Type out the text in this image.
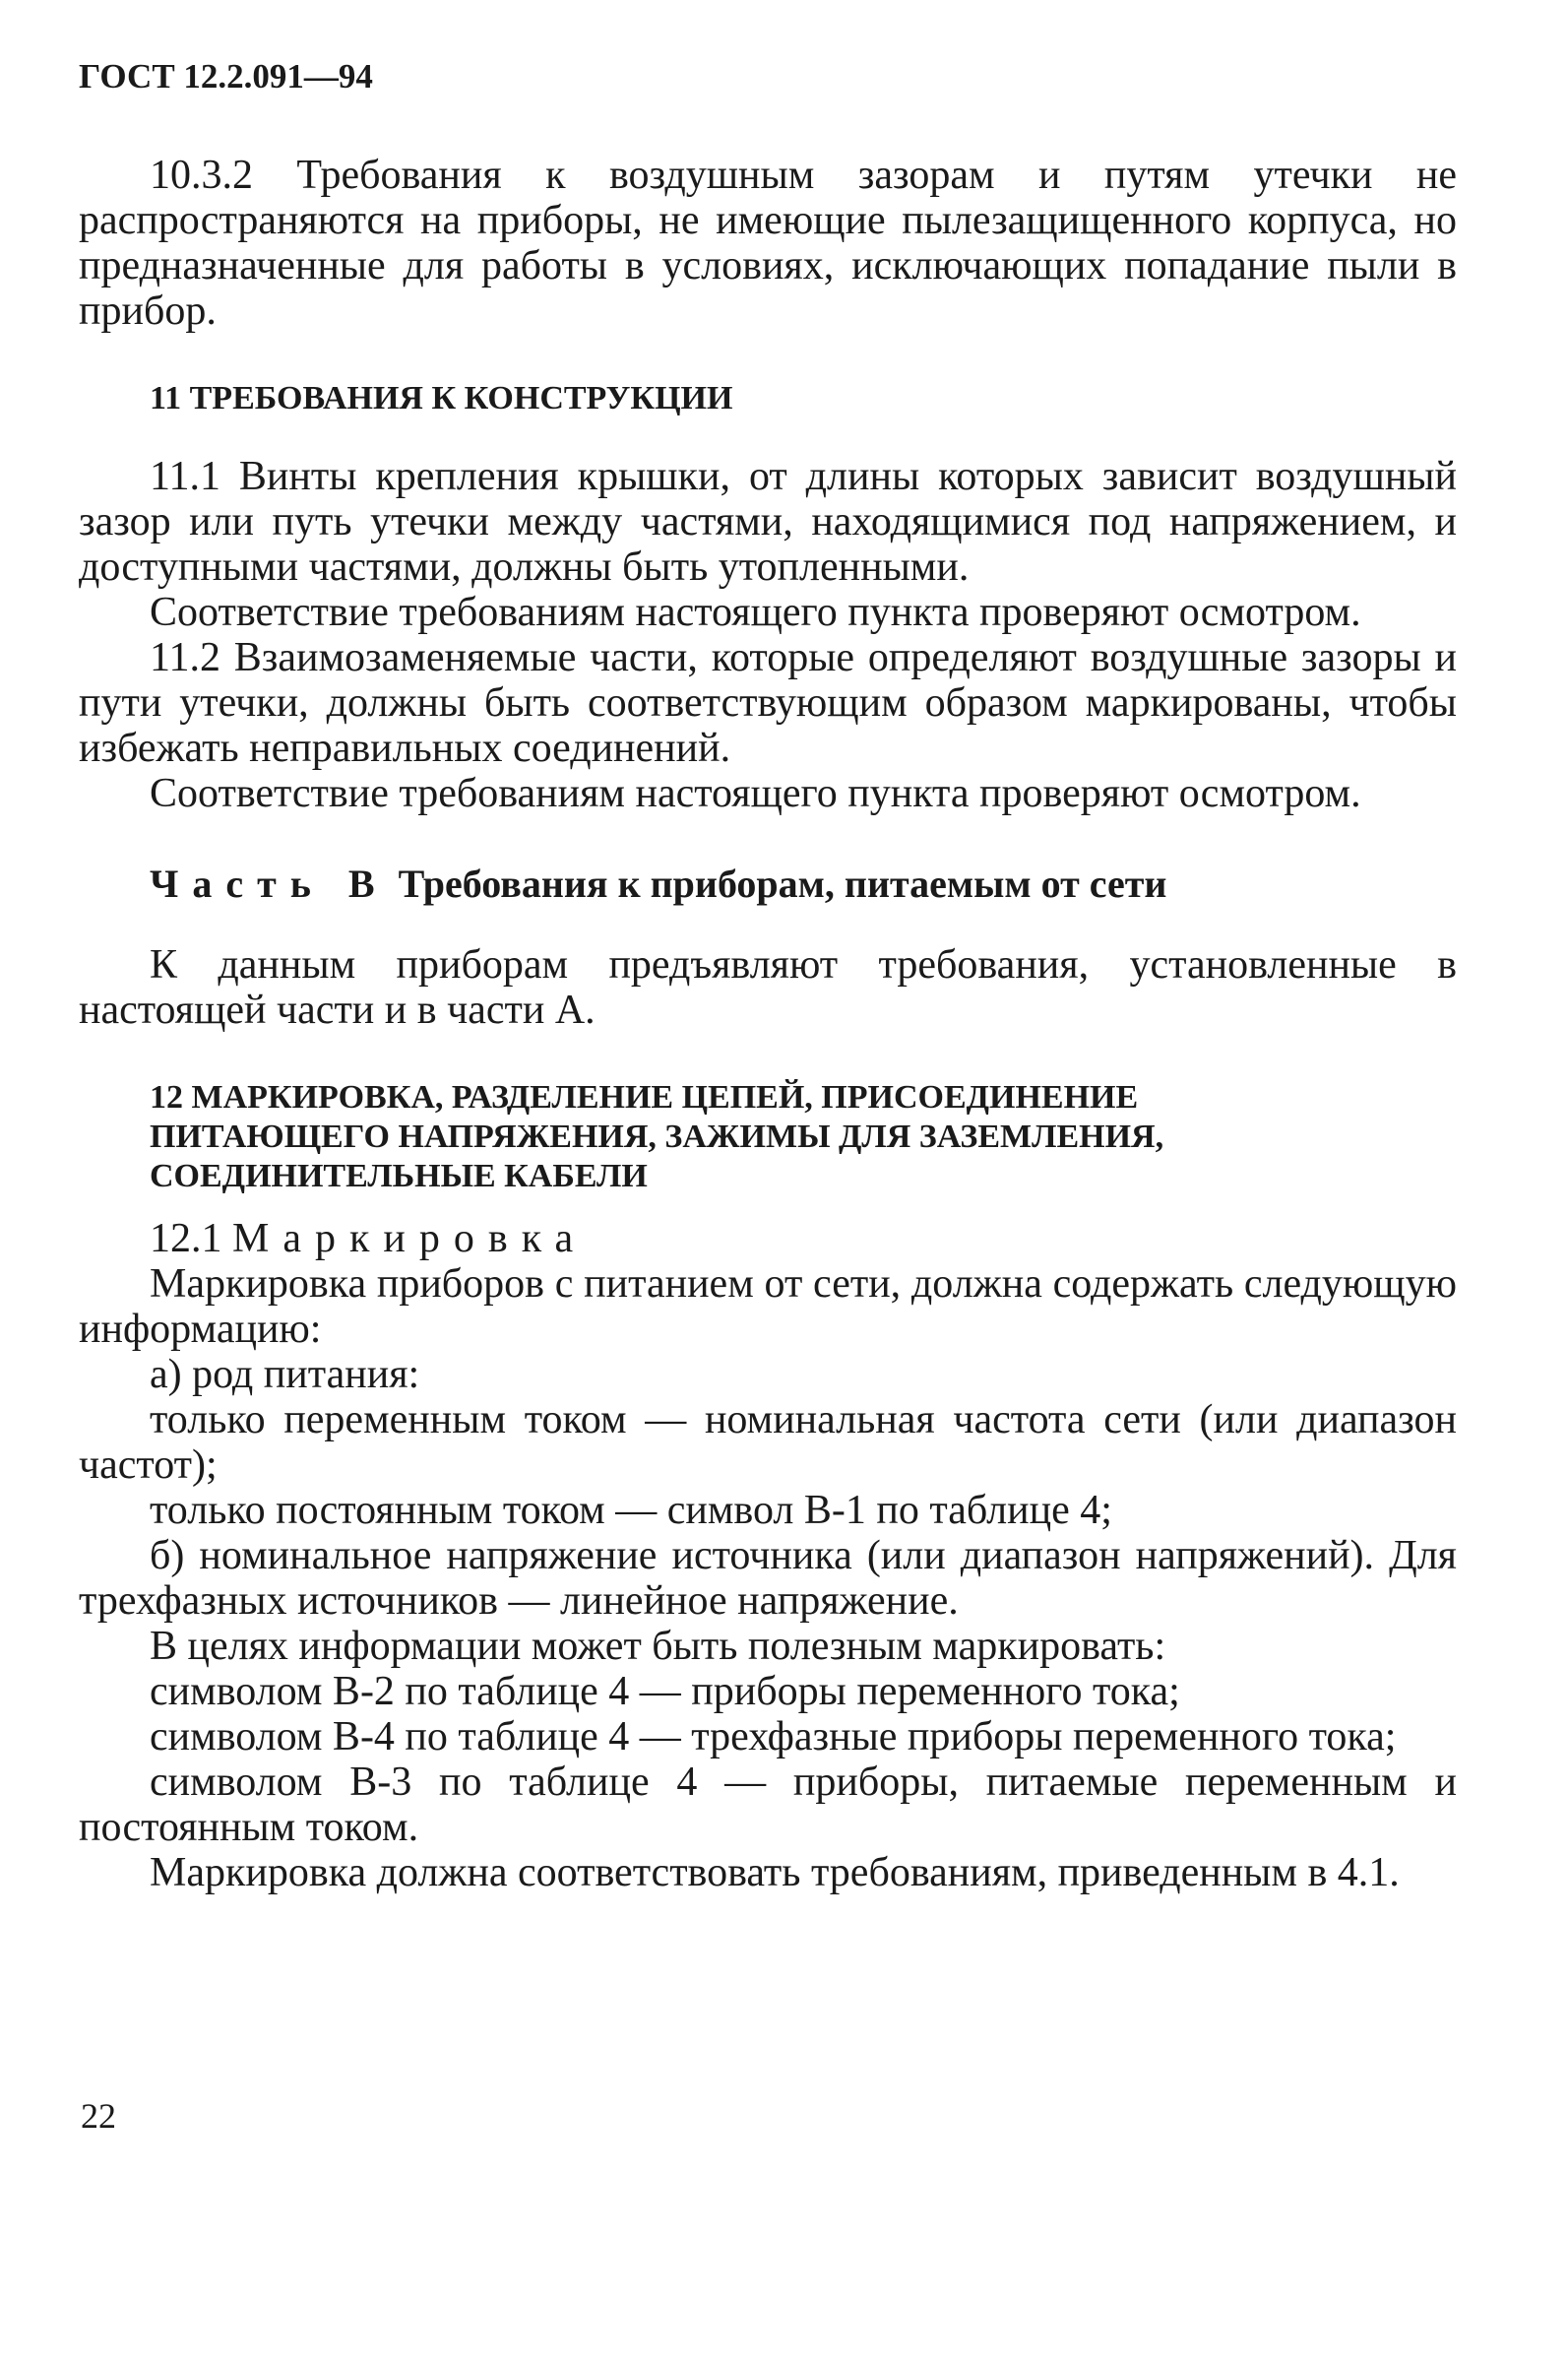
ГОСТ 12.2.091—94

10.3.2 Требования к воздушным зазорам и путям утечки не распространяются на приборы, не имеющие пылезащищенного корпуса, но предназначенные для работы в условиях, исключающих попадание пыли в прибор.

11 ТРЕБОВАНИЯ К КОНСТРУКЦИИ

11.1 Винты крепления крышки, от длины которых зависит воздушный зазор или путь утечки между частями, находящимися под напряжением, и доступными частями, должны быть утопленными.

Соответствие требованиям настоящего пункта проверяют осмотром.

11.2 Взаимозаменяемые части, которые определяют воздушные зазоры и пути утечки, должны быть соответствующим образом маркированы, чтобы избежать неправильных соединений.

Соответствие требованиям настоящего пункта проверяют осмотром.

Часть В Требования к приборам, питаемым от сети

К данным приборам предъявляют требования, установленные в настоящей части и в части А.

12 МАРКИРОВКА, РАЗДЕЛЕНИЕ ЦЕПЕЙ, ПРИСОЕДИНЕНИЕ
ПИТАЮЩЕГО НАПРЯЖЕНИЯ, ЗАЖИМЫ ДЛЯ ЗАЗЕМЛЕНИЯ,
СОЕДИНИТЕЛЬНЫЕ КАБЕЛИ

12.1 Маркировка

Маркировка приборов с питанием от сети, должна содержать следующую информацию:

а) род питания:

только переменным током — номинальная частота сети (или диапазон частот);

только постоянным током — символ В-1 по таблице 4;

б) номинальное напряжение источника (или диапазон напряжений). Для трехфазных источников — линейное напряжение.

В целях информации может быть полезным маркировать:

символом В-2 по таблице 4 — приборы переменного тока;

символом В-4 по таблице 4 — трехфазные приборы переменного тока;

символом В-3 по таблице 4 — приборы, питаемые переменным и постоянным током.

Маркировка должна соответствовать требованиям, приведенным в 4.1.

22
